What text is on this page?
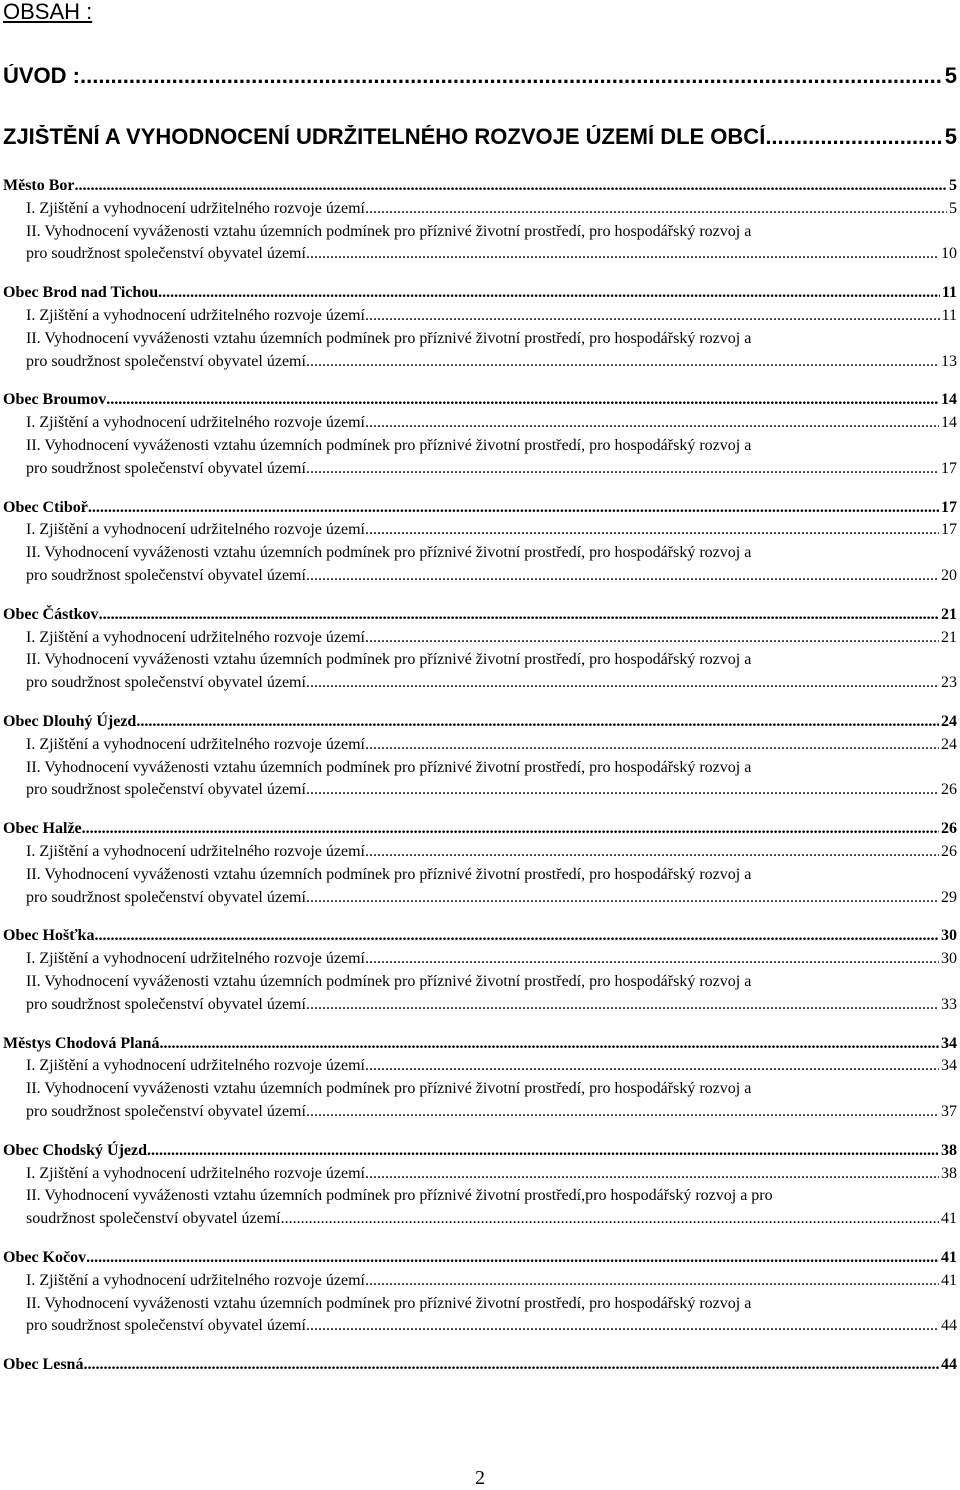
OBSAH :
ÚVOD : .....	5
ZJIŠTĚNÍ A VYHODNOCENÍ UDRŽITELNÉHO ROZVOJE ÚZEMÍ DLE OBCÍ .....	5
Město Bor .....	5
I. Zjištění a vyhodnocení udržitelného rozvoje území .....	5
II. Vyhodnocení vyváženosti vztahu územních podmínek pro příznivé životní prostředí, pro hospodářský rozvoj a
pro soudržnost společenství obyvatel území .....	10
Obec Brod nad Tichou .....	11
I. Zjištění a vyhodnocení udržitelného rozvoje území .....	11
II. Vyhodnocení vyváženosti vztahu územních podmínek pro příznivé životní prostředí, pro hospodářský rozvoj a
pro soudržnost společenství obyvatel území .....	13
Obec Broumov .....	14
I. Zjištění a vyhodnocení udržitelného rozvoje území .....	14
II. Vyhodnocení vyváženosti vztahu územních podmínek pro příznivé životní prostředí, pro hospodářský rozvoj a
pro soudržnost společenství obyvatel území .....	17
Obec Ctiboř .....	17
I. Zjištění a vyhodnocení udržitelného rozvoje území .....	17
II. Vyhodnocení vyváženosti vztahu územních podmínek pro příznivé životní prostředí, pro hospodářský rozvoj a
pro soudržnost společenství obyvatel území .....	20
Obec Částkov .....	21
I. Zjištění a vyhodnocení udržitelného rozvoje území .....	21
II. Vyhodnocení vyváženosti vztahu územních podmínek pro příznivé životní prostředí, pro hospodářský rozvoj a
pro soudržnost společenství obyvatel území .....	23
Obec Dlouhý Újezd .....	24
I. Zjištění a vyhodnocení udržitelného rozvoje území .....	24
II. Vyhodnocení vyváženosti vztahu územních podmínek pro příznivé životní prostředí, pro hospodářský rozvoj a
pro soudržnost společenství obyvatel území .....	26
Obec Halže .....	26
I. Zjištění a vyhodnocení udržitelného rozvoje území .....	26
II. Vyhodnocení vyváženosti vztahu územních podmínek pro příznivé životní prostředí, pro hospodářský rozvoj a
pro soudržnost společenství obyvatel území .....	29
Obec Hošťka .....	30
I. Zjištění a vyhodnocení udržitelného rozvoje území .....	30
II. Vyhodnocení vyváženosti vztahu územních podmínek pro příznivé životní prostředí, pro hospodářský rozvoj a
pro soudržnost společenství obyvatel území .....	33
Městys Chodová Planá .....	34
I. Zjištění a vyhodnocení udržitelného rozvoje území .....	34
II. Vyhodnocení vyváženosti vztahu územních podmínek pro příznivé životní prostředí, pro hospodářský rozvoj a
pro soudržnost společenství obyvatel území .....	37
Obec Chodský Újezd .....	38
I. Zjištění a vyhodnocení udržitelného rozvoje území .....	38
II. Vyhodnocení vyváženosti vztahu územních podmínek pro příznivé životní prostředí,pro hospodářský rozvoj a pro
soudržnost společenství obyvatel území .....	41
Obec Kočov .....	41
I. Zjištění a vyhodnocení udržitelného rozvoje území .....	41
II. Vyhodnocení vyváženosti vztahu územních podmínek pro příznivé životní prostředí, pro hospodářský rozvoj a
pro soudržnost společenství obyvatel území .....	44
Obec Lesná .....	44
2
